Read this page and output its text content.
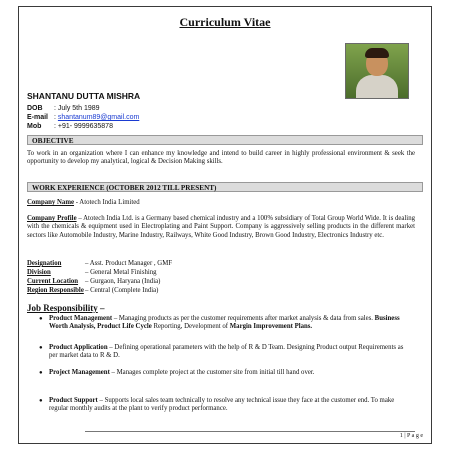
Curriculum Vitae
SHANTANU DUTTA MISHRA
DOB : July 5th 1989
E-mail : shantanum89@gmail.com
Mob : +91- 9999635878
OBJECTIVE
To work in an organization where I can enhance my knowledge and intend to build career in highly professional environment & seek the opportunity to develop my analytical, logical & Decision Making skills.
WORK EXPERIENCE (OCTOBER 2012 TILL PRESENT)
Company Name - Atotech India Limited
Company Profile – Atotech India Ltd. is a Germany based chemical industry and a 100% subsidiary of Total Group World Wide. It is dealing with the chemicals & equipment used in Electroplating and Paint Support. Company is aggressively selling products in the different market sectors like Automobile Industry, Marine Industry, Railways, White Good Industry, Brown Good Industry, Electronics Industry etc.
Designation	– Asst. Product Manager , GMF
Division	– General Metal Finishing
Current Location – Gurgaon, Haryana (India)
Region Responsible– Central (Complete India)
Job Responsibility –
● Product Management – Managing products as per the customer requirements after market analysis & data from sales. Business Worth Analysis, Product Life Cycle Reporting, Development of Margin Improvement Plans.
● Product Application – Defining operational parameters with the help of R & D Team. Designing Product output Requirements as per market data to R & D.
● Project Management – Manages complete project at the customer site from initial till hand over.
● Product Support – Supports local sales team technically to resolve any technical issue they face at the customer end. To make regular monthly audits at the plant to verify product performance.
1 | P a g e
